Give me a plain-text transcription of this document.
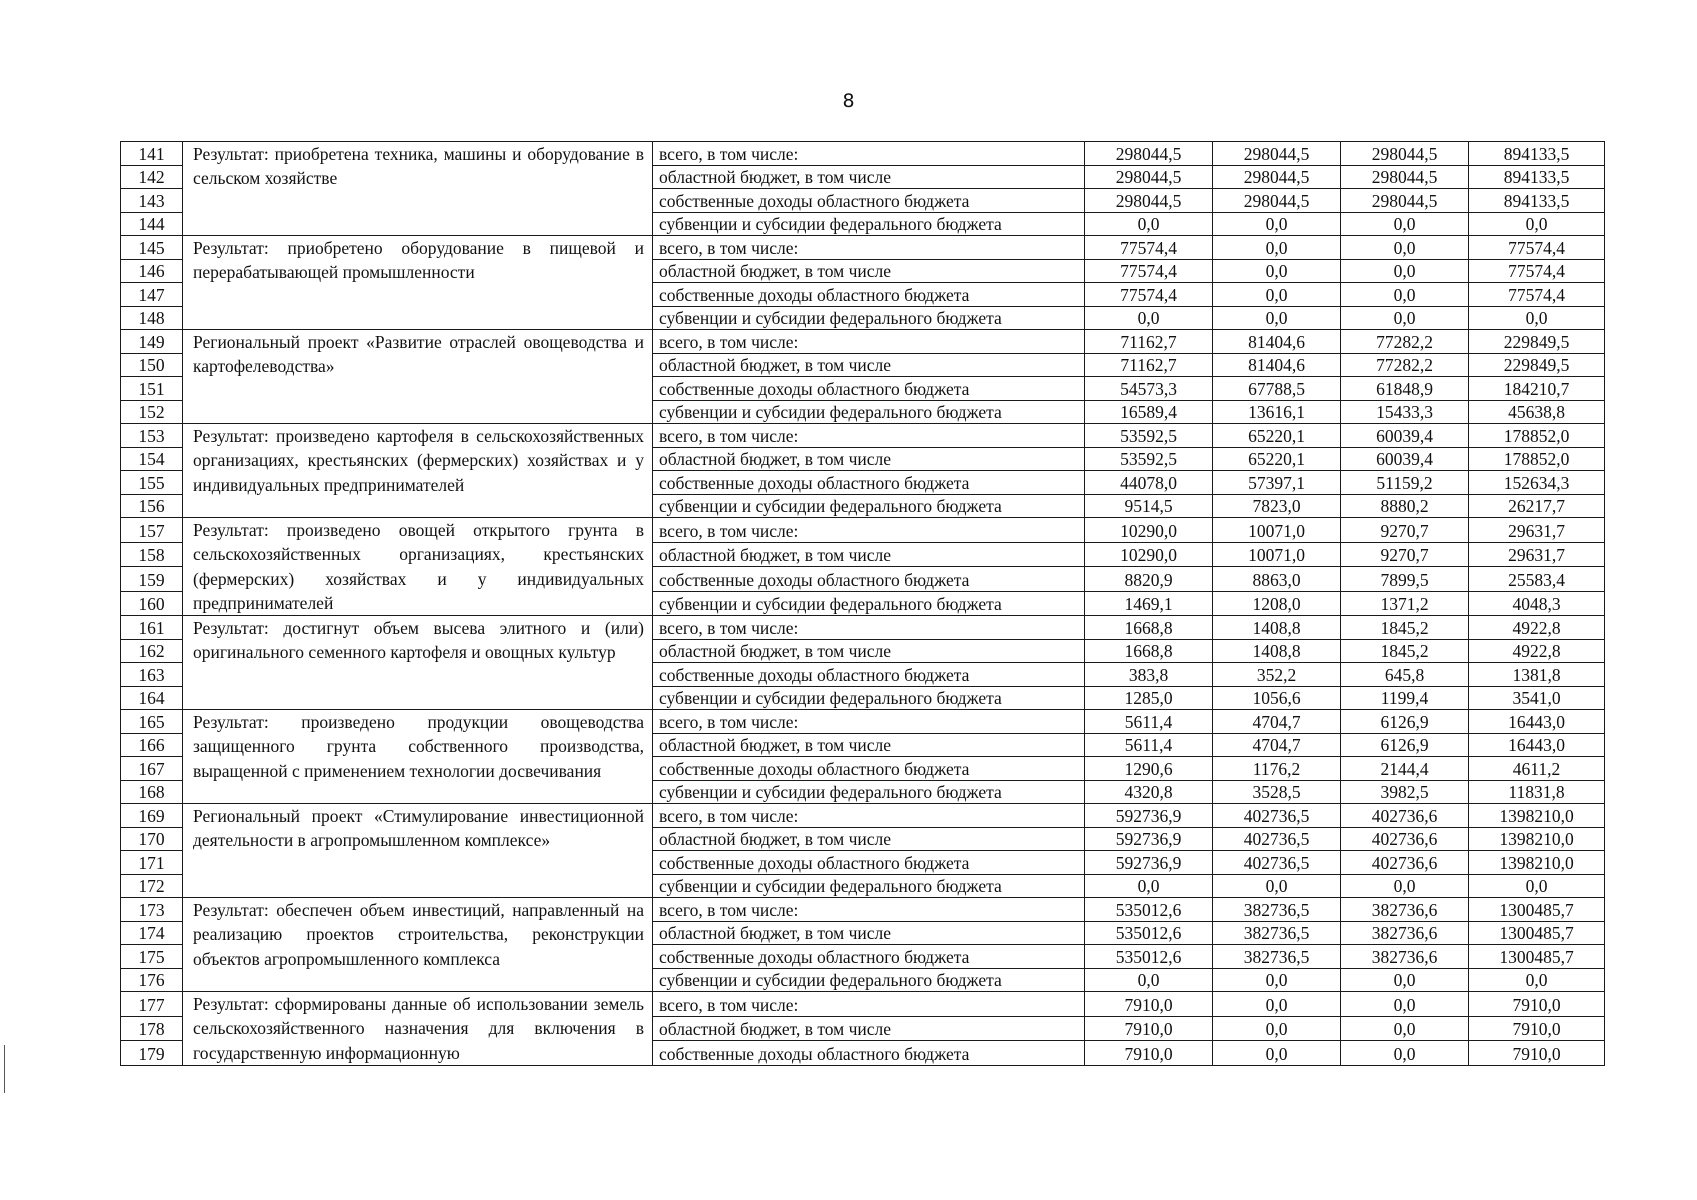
8
141	Результат: приобретена техника, машины и оборудование в сельском хозяйстве	всего, в том числе:	298044,5	298044,5	298044,5	894133,5
142		областной бюджет, в том числе	298044,5	298044,5	298044,5	894133,5
143		собственные доходы областного бюджета	298044,5	298044,5	298044,5	894133,5
144		субвенции и субсидии федерального бюджета	0,0	0,0	0,0	0,0
145	Результат: приобретено оборудование в пищевой и перерабатывающей промышленности	всего, в том числе:	77574,4	0,0	0,0	77574,4
146		областной бюджет, в том числе	77574,4	0,0	0,0	77574,4
147		собственные доходы областного бюджета	77574,4	0,0	0,0	77574,4
148		субвенции и субсидии федерального бюджета	0,0	0,0	0,0	0,0
149	Региональный проект «Развитие отраслей овощеводства и картофелеводства»	всего, в том числе:	71162,7	81404,6	77282,2	229849,5
150		областной бюджет, в том числе	71162,7	81404,6	77282,2	229849,5
151		собственные доходы областного бюджета	54573,3	67788,5	61848,9	184210,7
152		субвенции и субсидии федерального бюджета	16589,4	13616,1	15433,3	45638,8
153	Результат: произведено картофеля в сельскохозяйственных организациях, крестьянских (фермерских) хозяйствах и у индивидуальных предпринимателей	всего, в том числе:	53592,5	65220,1	60039,4	178852,0
154		областной бюджет, в том числе	53592,5	65220,1	60039,4	178852,0
155		собственные доходы областного бюджета	44078,0	57397,1	51159,2	152634,3
156		субвенции и субсидии федерального бюджета	9514,5	7823,0	8880,2	26217,7
157	Результат: произведено овощей открытого грунта в сельскохозяйственных организациях, крестьянских (фермерских) хозяйствах и у индивидуальных предпринимателей	всего, в том числе:	10290,0	10071,0	9270,7	29631,7
158		областной бюджет, в том числе	10290,0	10071,0	9270,7	29631,7
159		собственные доходы областного бюджета	8820,9	8863,0	7899,5	25583,4
160		субвенции и субсидии федерального бюджета	1469,1	1208,0	1371,2	4048,3
161	Результат: достигнут объем высева элитного и (или) оригинального семенного картофеля и овощных культур	всего, в том числе:	1668,8	1408,8	1845,2	4922,8
162		областной бюджет, в том числе	1668,8	1408,8	1845,2	4922,8
163		собственные доходы областного бюджета	383,8	352,2	645,8	1381,8
164		субвенции и субсидии федерального бюджета	1285,0	1056,6	1199,4	3541,0
165	Результат: произведено продукции овощеводства защищенного грунта собственного производства, выращенной с применением технологии досвечивания	всего, в том числе:	5611,4	4704,7	6126,9	16443,0
166		областной бюджет, в том числе	5611,4	4704,7	6126,9	16443,0
167		собственные доходы областного бюджета	1290,6	1176,2	2144,4	4611,2
168		субвенции и субсидии федерального бюджета	4320,8	3528,5	3982,5	11831,8
169	Региональный проект «Стимулирование инвестиционной деятельности в агропромышленном комплексе»	всего, в том числе:	592736,9	402736,5	402736,6	1398210,0
170		областной бюджет, в том числе	592736,9	402736,5	402736,6	1398210,0
171		собственные доходы областного бюджета	592736,9	402736,5	402736,6	1398210,0
172		субвенции и субсидии федерального бюджета	0,0	0,0	0,0	0,0
173	Результат: обеспечен объем инвестиций, направленный на реализацию проектов строительства, реконструкции объектов агропромышленного комплекса	всего, в том числе:	535012,6	382736,5	382736,6	1300485,7
174		областной бюджет, в том числе	535012,6	382736,5	382736,6	1300485,7
175		собственные доходы областного бюджета	535012,6	382736,5	382736,6	1300485,7
176		субвенции и субсидии федерального бюджета	0,0	0,0	0,0	0,0
177	Результат: сформированы данные об использовании земель сельскохозяйственного назначения для включения в государственную информационную	всего, в том числе:	7910,0	0,0	0,0	7910,0
178		областной бюджет, в том числе	7910,0	0,0	0,0	7910,0
179		собственные доходы областного бюджета	7910,0	0,0	0,0	7910,0
